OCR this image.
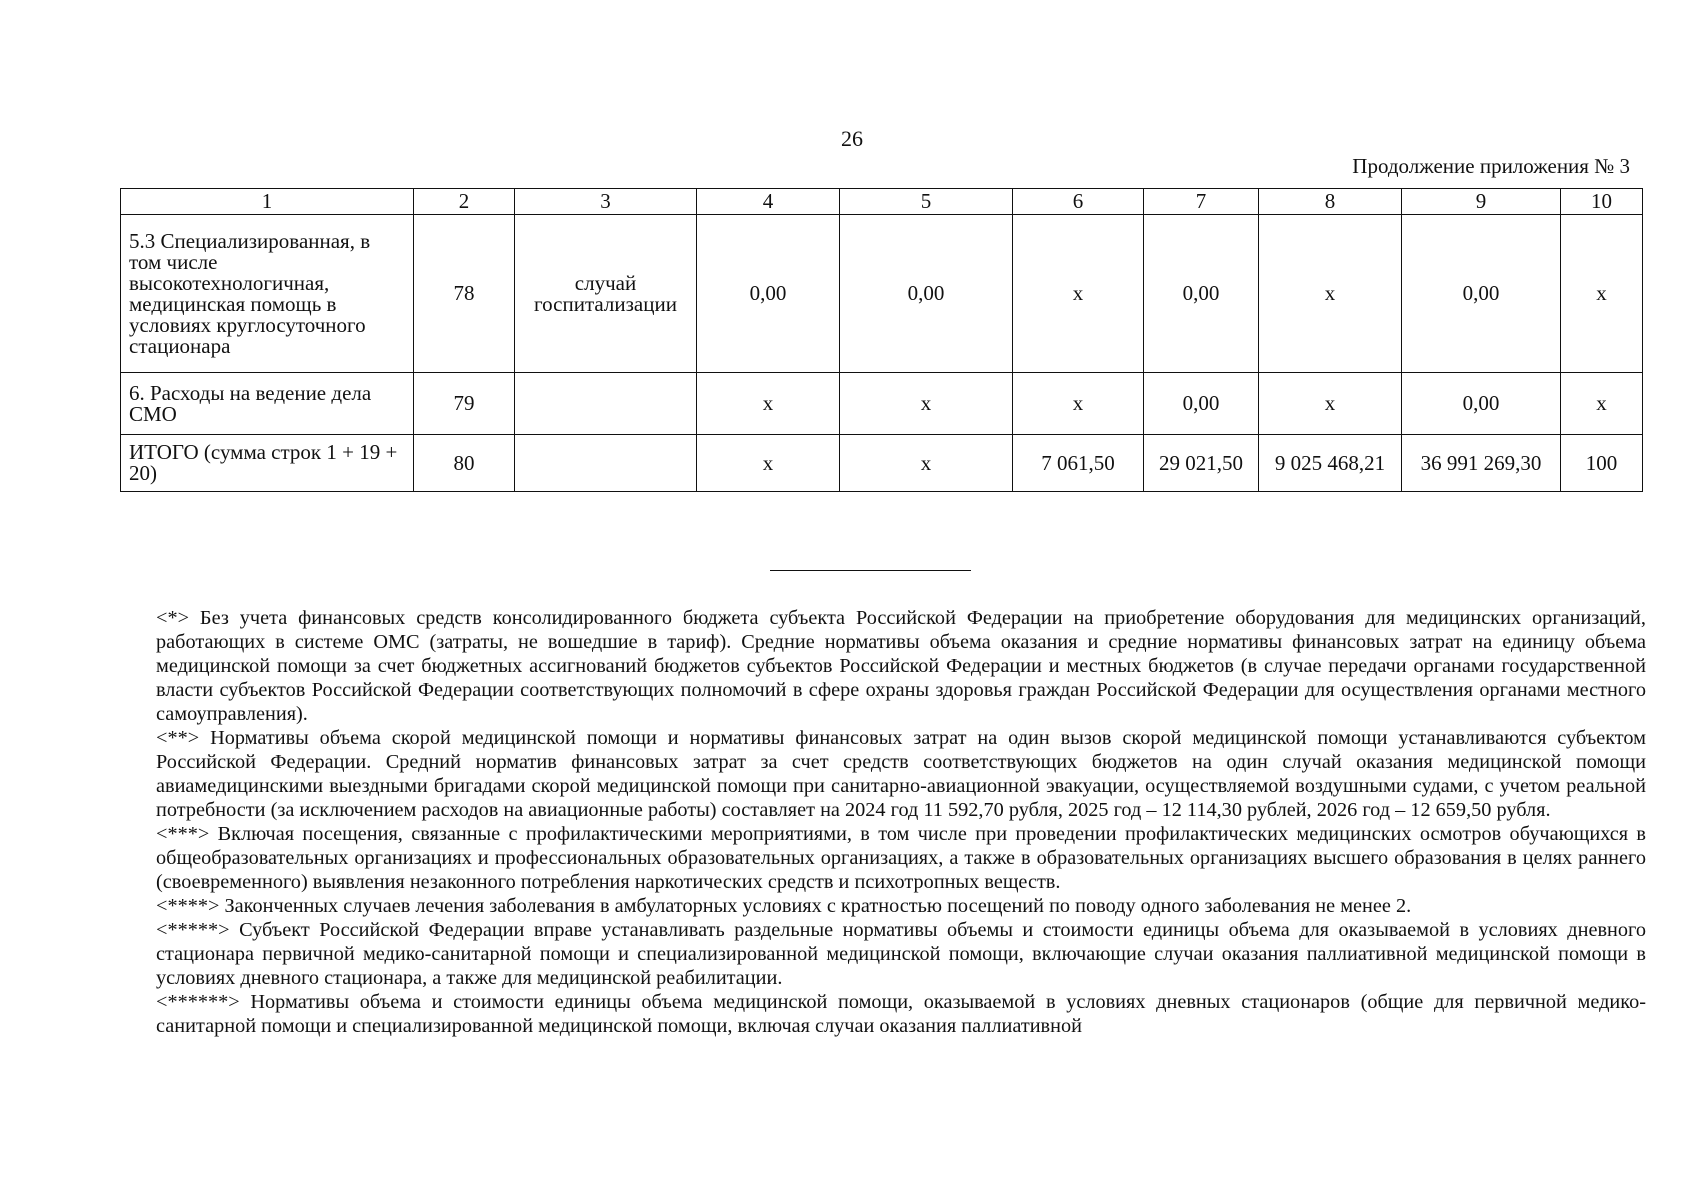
26
Продолжение приложения № 3
1	2	3	4	5	6	7	8	9	10
5.3 Специализированная, в том числе высокотехнологичная, медицинская помощь в условиях круглосуточного стационара	78	случай госпитализации	0,00	0,00	х	0,00	х	0,00	х
6. Расходы на ведение дела СМО	79		х	х	х	0,00	х	0,00	х
ИТОГО (сумма строк 1 + 19 + 20)	80		х	х	7 061,50	29 021,50	9 025 468,21	36 991 269,30	100

<*> Без учета финансовых средств консолидированного бюджета субъекта Российской Федерации на приобретение оборудования для медицинских организаций, работающих в системе ОМС (затраты, не вошедшие в тариф). Средние нормативы объема оказания и средние нормативы финансовых затрат на единицу объема медицинской помощи за счет бюджетных ассигнований бюджетов субъектов Российской Федерации и местных бюджетов (в случае передачи органами государственной власти субъектов Российской Федерации соответствующих полномочий в сфере охраны здоровья граждан Российской Федерации для осуществления органами местного самоуправления).

<**> Нормативы объема скорой медицинской помощи и нормативы финансовых затрат на один вызов скорой медицинской помощи устанавливаются субъектом Российской Федерации. Средний норматив финансовых затрат за счет средств соответствующих бюджетов на один случай оказания медицинской помощи авиамедицинскими выездными бригадами скорой медицинской помощи при санитарно-авиационной эвакуации, осуществляемой воздушными судами, с учетом реальной потребности (за исключением расходов на авиационные работы) составляет на 2024 год 11 592,70 рубля, 2025 год – 12 114,30 рублей, 2026 год – 12 659,50 рубля.

<***> Включая посещения, связанные с профилактическими мероприятиями, в том числе при проведении профилактических медицинских осмотров обучающихся в общеобразовательных организациях и профессиональных образовательных организациях, а также в образовательных организациях высшего образования в целях раннего (своевременного) выявления незаконного потребления наркотических средств и психотропных веществ.

<****> Законченных случаев лечения заболевания в амбулаторных условиях с кратностью посещений по поводу одного заболевания не менее 2.

<*****> Субъект Российской Федерации вправе устанавливать раздельные нормативы объемы и стоимости единицы объема для оказываемой в условиях дневного стационара первичной медико-санитарной помощи и специализированной медицинской помощи, включающие случаи оказания паллиативной медицинской помощи в условиях дневного стационара, а также для медицинской реабилитации.

<******> Нормативы объема и стоимости единицы объема медицинской помощи, оказываемой в условиях дневных стационаров (общие для первичной медико-санитарной помощи и специализированной медицинской помощи, включая случаи оказания паллиативной
